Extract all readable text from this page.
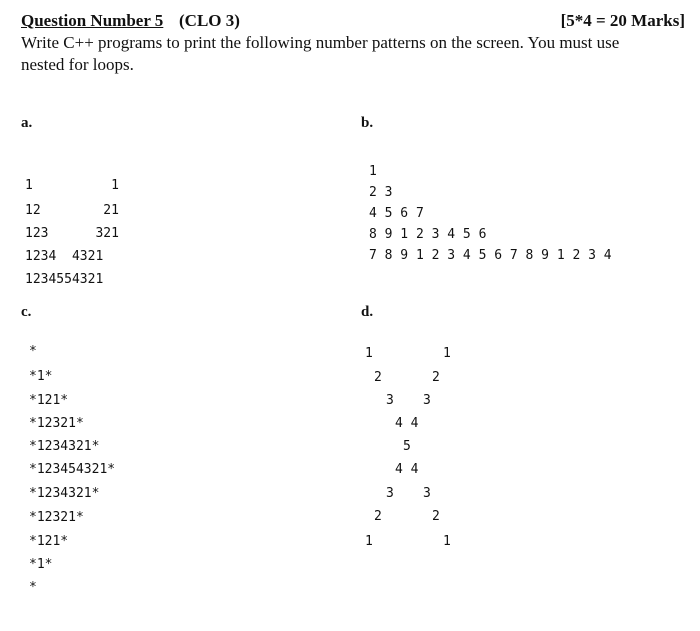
Question Number 5 (CLO 3)	[5*4 = 20 Marks]
Write C++ programs to print the following number patterns on the screen. You must use nested for loops.
a.
1          1
12        21
123      321
1234  4321
1234554321
b.
1
2 3
4 5 6 7
8 9 1 2 3 4 5 6
7 8 9 1 2 3 4 5 6 7 8 9 1 2 3 4
c.
*
*1*
*121*
*12321*
*1234321*
*123454321*
*1234321*
*12321*
*121*
*1*
*
d.
1	1
2	2
3 3
4 4
5
4 4
3 3
2	2
1	1
